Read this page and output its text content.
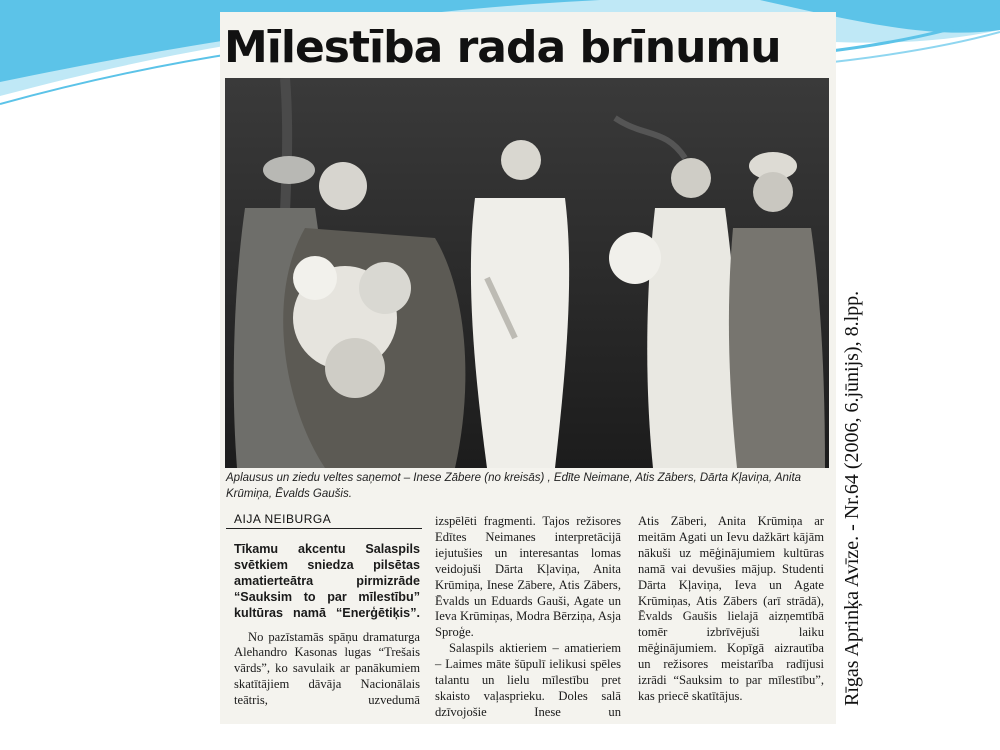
Mīlestība rada brīnumu
Aplausus un ziedu veltes saņemot – Inese Zābere (no kreisās) , Edīte Neimane, Atis Zābers, Dārta Kļaviņa, Anita Krūmiņa, Ēvalds Gaušis.
AIJA NEIBURGA

Tīkamu akcentu Salaspils svētkiem sniedza pilsētas amatierteātra pirmizrāde “Sauksim to par mīlestību” kultūras namā “Enerģētiķis”.

No pazīstamās spāņu dramaturga Alehandro Kasonas lugas “Trešais vārds”, ko savulaik ar panākumiem skatītājiem dāvāja Nacionālais teātris, uzvedumā

izspēlēti fragmenti. Tajos režisores Edītes Neimanes interpretācijā iejutušies un interesantas lomas veidojuši Dārta Kļaviņa, Anita Krūmiņa, Inese Zābere, Atis Zābers, Ēvalds un Eduards Gauši, Agate un Ieva Krūmiņas, Modra Bērziņa, Asja Sproģe.

Salaspils aktieriem – amatieriem – Laimes māte šūpulī ielikusi spēles talantu un lielu mīlestību pret skaisto vaļasprieku. Doles salā dzīvojošie Inese un

Atis Zāberi, Anita Krūmiņa ar meitām Agati un Ievu dažkārt kājām nākuši uz mēģinājumiem kultūras namā vai devušies mājup. Studenti Dārta Kļaviņa, Ieva un Agate Krūmiņas, Atis Zābers (arī strādā), Ēvalds Gaušis lielajā aizņemtībā tomēr izbrīvējuši laiku mēģinājumiem. Kopīgā aizrautība un režisores meistarība radījusi izrādi “Sauksim to par mīlestību”, kas priecē skatītājus.	Rīgas Aprinķa Avīze. - Nr.64 (2006, 6.jūnijs), 8.lpp.
